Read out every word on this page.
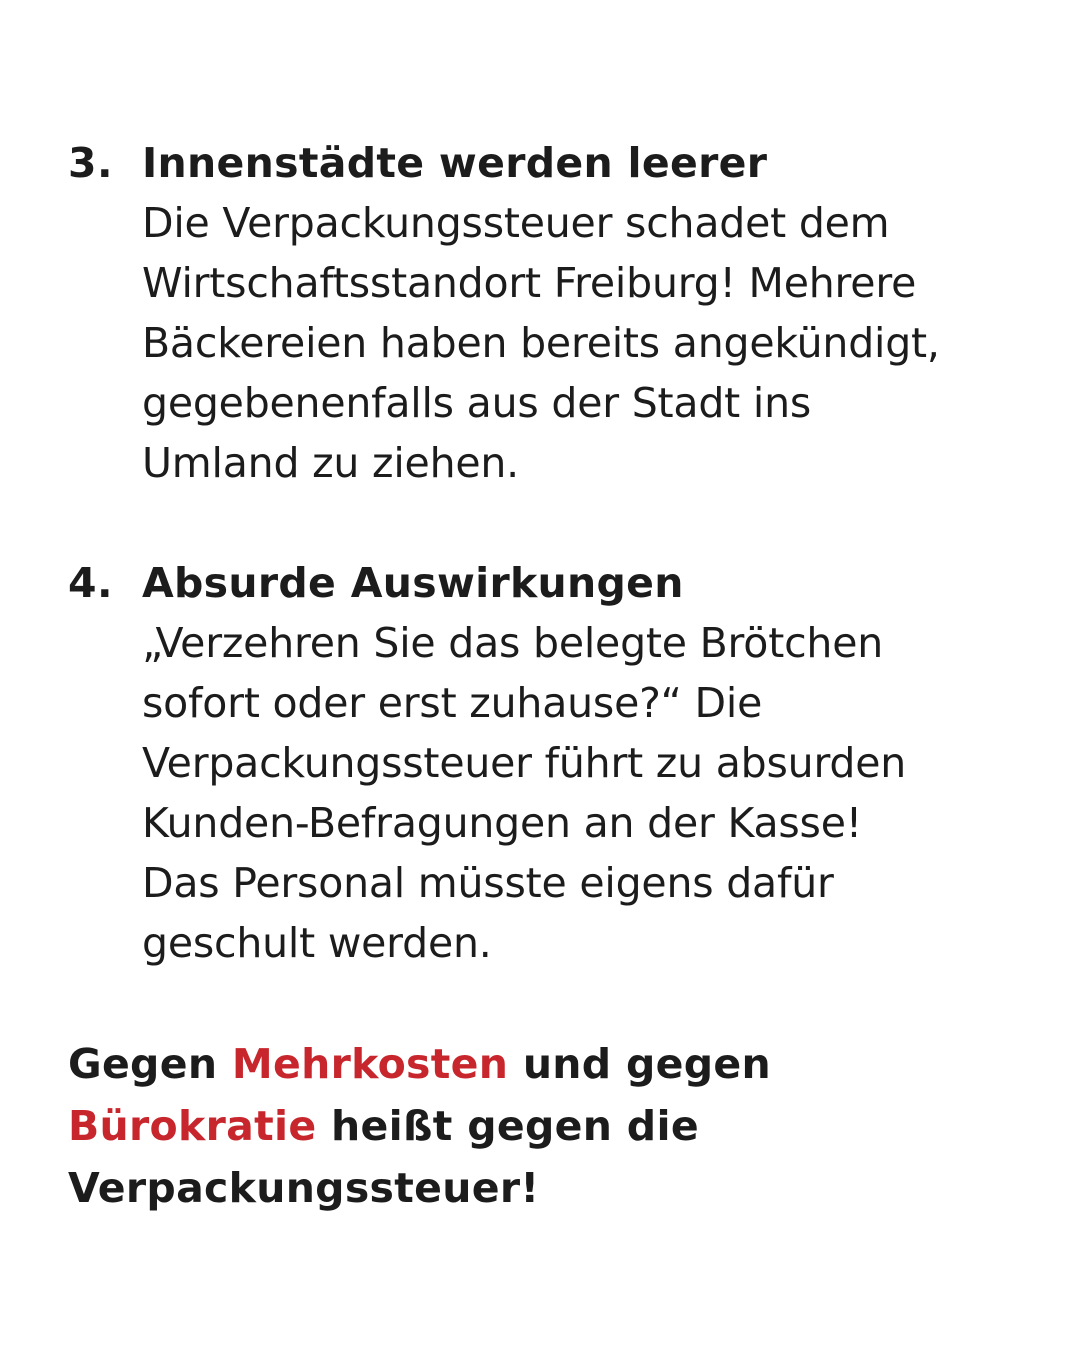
3. Innenstädte werden leerer
Die Verpackungssteuer schadet dem
Wirtschaftsstandort Freiburg! Mehrere
Bäckereien haben bereits angekündigt,
gegebenenfalls aus der Stadt ins
Umland zu ziehen.
4. Absurde Auswirkungen
„Verzehren Sie das belegte Brötchen
sofort oder erst zuhause?“ Die
Verpackungssteuer führt zu absurden
Kunden-Befragungen an der Kasse!
Das Personal müsste eigens dafür
geschult werden.
Gegen Mehrkosten und gegen
Bürokratie heißt gegen die
Verpackungssteuer!
